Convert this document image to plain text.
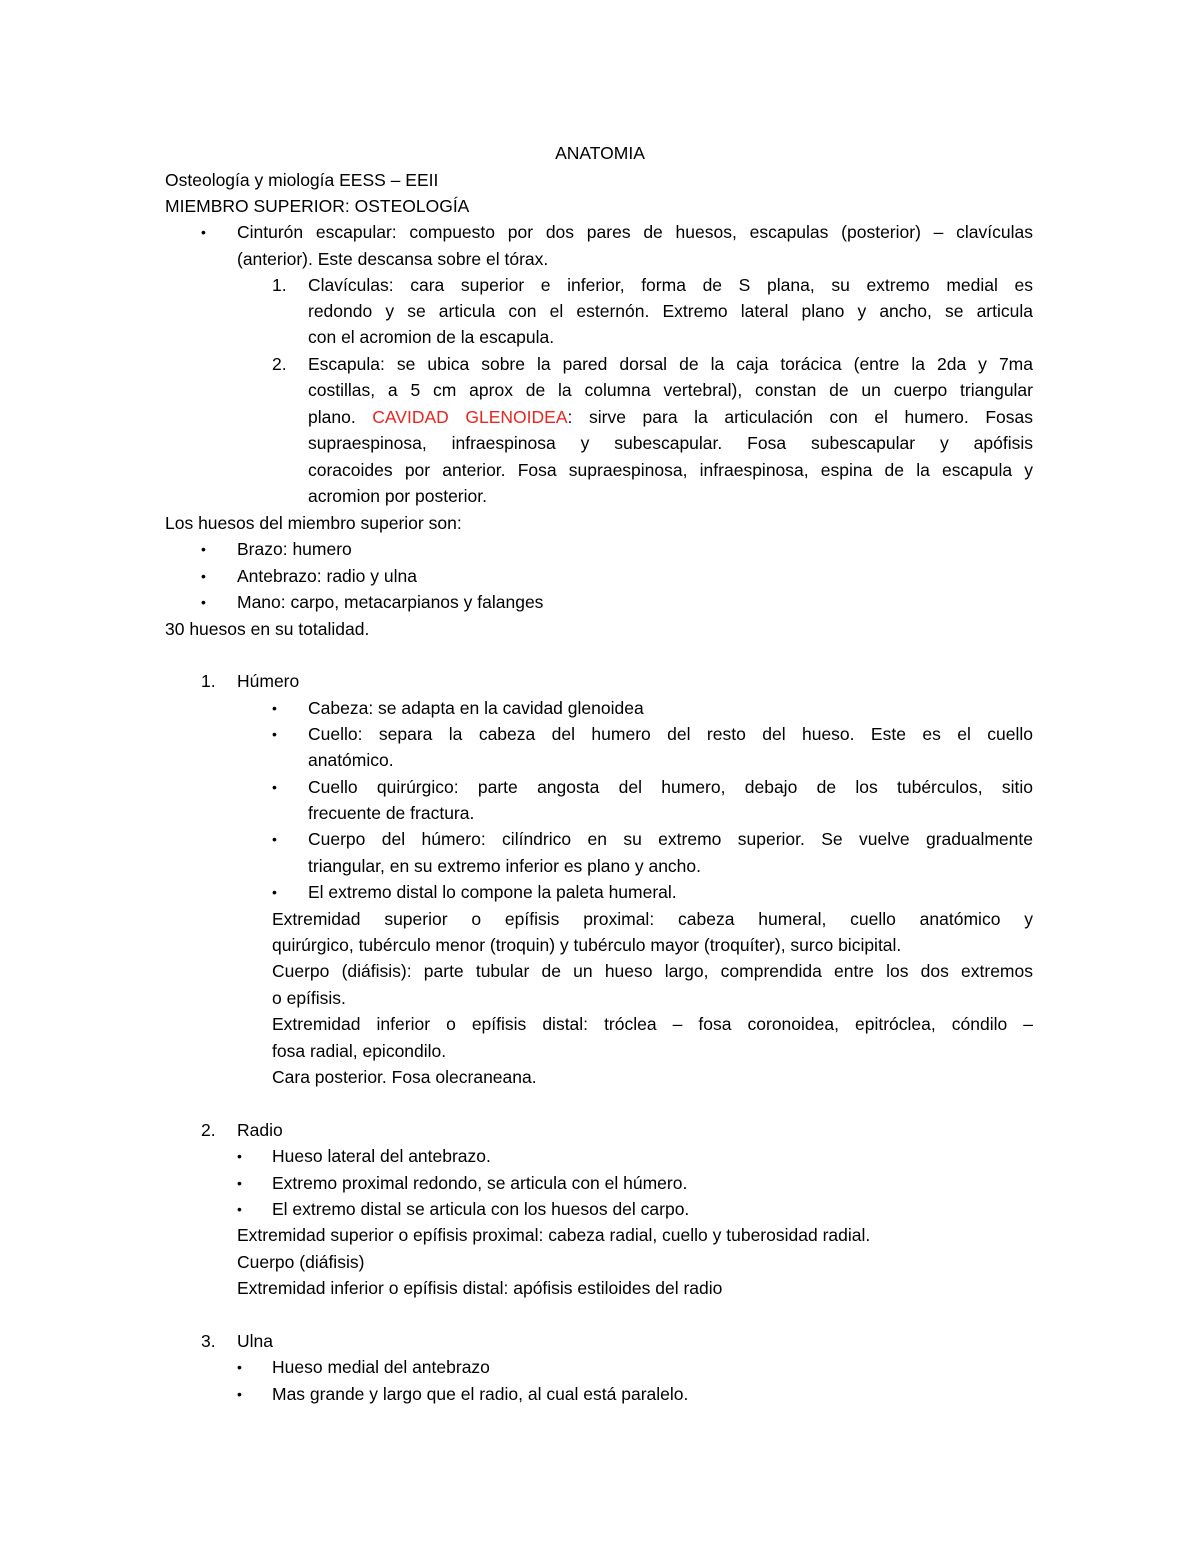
ANATOMIA
Osteología y miología EESS – EEII
MIEMBRO SUPERIOR: OSTEOLOGÍA
• Cinturón escapular: compuesto por dos pares de huesos, escapulas (posterior) – clavículas
(anterior). Este descansa sobre el tórax.
1. Clavículas: cara superior e inferior, forma de S plana, su extremo medial es
redondo y se articula con el esternón. Extremo lateral plano y ancho, se articula
con el acromion de la escapula.
2. Escapula: se ubica sobre la pared dorsal de la caja torácica (entre la 2da y 7ma
costillas, a 5 cm aprox de la columna vertebral), constan de un cuerpo triangular
plano. CAVIDAD GLENOIDEA: sirve para la articulación con el humero. Fosas
supraespinosa, infraespinosa y subescapular. Fosa subescapular y apófisis
coracoides por anterior. Fosa supraespinosa, infraespinosa, espina de la escapula y
acromion por posterior.
Los huesos del miembro superior son:
• Brazo: humero
• Antebrazo: radio y ulna
• Mano: carpo, metacarpianos y falanges
30 huesos en su totalidad.
1. Húmero
• Cabeza: se adapta en la cavidad glenoidea
• Cuello: separa la cabeza del humero del resto del hueso. Este es el cuello
anatómico.
• Cuello quirúrgico: parte angosta del humero, debajo de los tubérculos, sitio
frecuente de fractura.
• Cuerpo del húmero: cilíndrico en su extremo superior. Se vuelve gradualmente
triangular, en su extremo inferior es plano y ancho.
• El extremo distal lo compone la paleta humeral.
Extremidad superior o epífisis proximal: cabeza humeral, cuello anatómico y
quirúrgico, tubérculo menor (troquin) y tubérculo mayor (troquíter), surco bicipital.
Cuerpo (diáfisis): parte tubular de un hueso largo, comprendida entre los dos extremos
o epífisis.
Extremidad inferior o epífisis distal: tróclea – fosa coronoidea, epitróclea, cóndilo –
fosa radial, epicondilo.
Cara posterior. Fosa olecraneana.
2. Radio
• Hueso lateral del antebrazo.
• Extremo proximal redondo, se articula con el húmero.
• El extremo distal se articula con los huesos del carpo.
Extremidad superior o epífisis proximal: cabeza radial, cuello y tuberosidad radial.
Cuerpo (diáfisis)
Extremidad inferior o epífisis distal: apófisis estiloides del radio
3. Ulna
• Hueso medial del antebrazo
• Mas grande y largo que el radio, al cual está paralelo.
